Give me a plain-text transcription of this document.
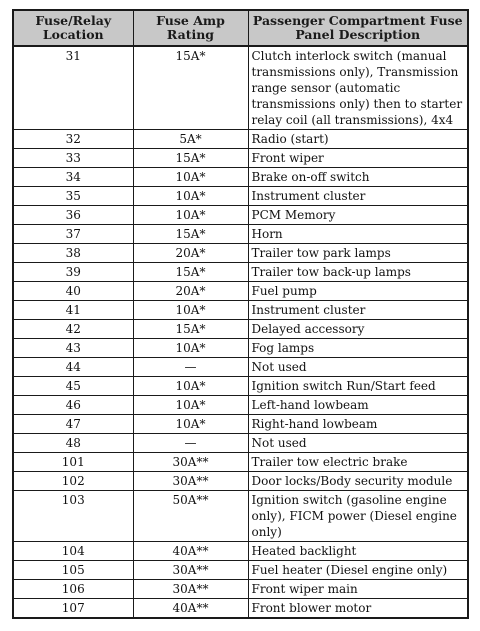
Fuse/Relay Location	Fuse Amp Rating	Passenger Compartment Fuse Panel Description
31	15A*	Clutch interlock switch (manual transmissions only), Transmission range sensor (automatic transmissions only) then to starter relay coil (all transmissions), 4x4
32	5A*	Radio (start)
33	15A*	Front wiper
34	10A*	Brake on-off switch
35	10A*	Instrument cluster
36	10A*	PCM Memory
37	15A*	Horn
38	20A*	Trailer tow park lamps
39	15A*	Trailer tow back-up lamps
40	20A*	Fuel pump
41	10A*	Instrument cluster
42	15A*	Delayed accessory
43	10A*	Fog lamps
44	—	Not used
45	10A*	Ignition switch Run/Start feed
46	10A*	Left-hand lowbeam
47	10A*	Right-hand lowbeam
48	—	Not used
101	30A**	Trailer tow electric brake
102	30A**	Door locks/Body security module
103	50A**	Ignition switch (gasoline engine only), FICM power (Diesel engine only)
104	40A**	Heated backlight
105	30A**	Fuel heater (Diesel engine only)
106	30A**	Front wiper main
107	40A**	Front blower motor
